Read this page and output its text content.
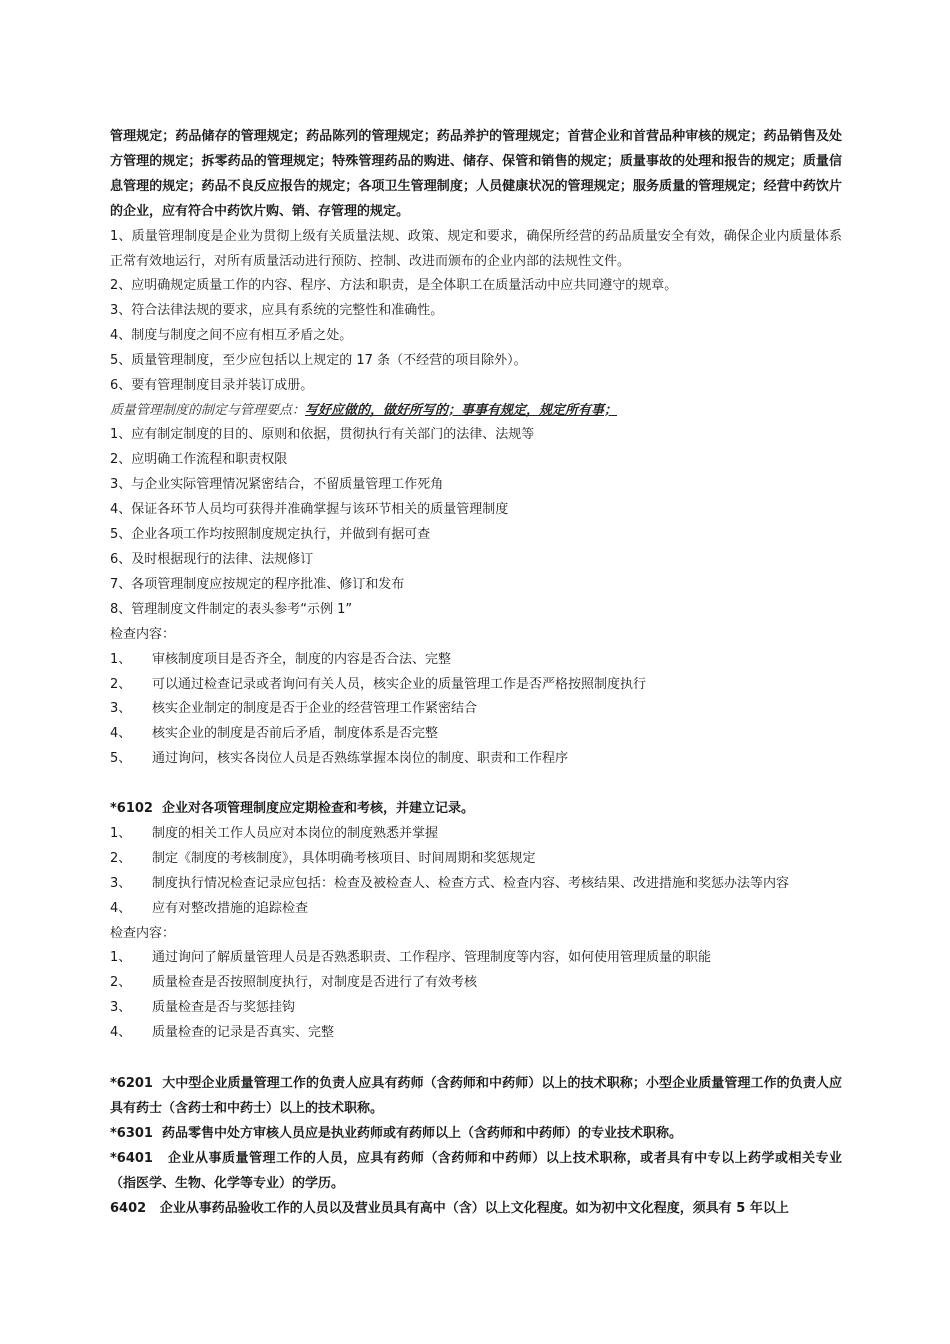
管理规定；药品储存的管理规定；药品陈列的管理规定；药品养护的管理规定；首营企业和首营品种审核的规定；药品销售及处方管理的规定；拆零药品的管理规定；特殊管理药品的购进、储存、保管和销售的规定；质量事故的处理和报告的规定；质量信息管理的规定；药品不良反应报告的规定；各项卫生管理制度；人员健康状况的管理规定；服务质量的管理规定；经营中药饮片的企业，应有符合中药饮片购、销、存管理的规定。

1、质量管理制度是企业为贯彻上级有关质量法规、政策、规定和要求，确保所经营的药品质量安全有效，确保企业内质量体系正常有效地运行，对所有质量活动进行预防、控制、改进而颁布的企业内部的法规性文件。

2、应明确规定质量工作的内容、程序、方法和职责，是全体职工在质量活动中应共同遵守的规章。

3、符合法律法规的要求，应具有系统的完整性和准确性。

4、制度与制度之间不应有相互矛盾之处。

5、质量管理制度，至少应包括以上规定的 17 条（不经营的项目除外）。

6、要有管理制度目录并装订成册。

质量管理制度的制定与管理要点：写好应做的，做好所写的；事事有规定，规定所有事；

1、应有制定制度的目的、原则和依据，贯彻执行有关部门的法律、法规等

2、应明确工作流程和职责权限

3、与企业实际管理情况紧密结合，不留质量管理工作死角

4、保证各环节人员均可获得并准确掌握与该环节相关的质量管理制度

5、企业各项工作均按照制度规定执行，并做到有据可查

6、及时根据现行的法律、法规修订

7、各项管理制度应按规定的程序批准、修订和发布

8、管理制度文件制定的表头参考“示例 1”

检查内容：

1、 审核制度项目是否齐全，制度的内容是否合法、完整

2、 可以通过检查记录或者询问有关人员，核实企业的质量管理工作是否严格按照制度执行

3、 核实企业制定的制度是否于企业的经营管理工作紧密结合

4、 核实企业的制度是否前后矛盾，制度体系是否完整

5、 通过询问，核实各岗位人员是否熟练掌握本岗位的制度、职责和工作程序

*6102 企业对各项管理制度应定期检查和考核，并建立记录。

1、 制度的相关工作人员应对本岗位的制度熟悉并掌握

2、 制定《制度的考核制度》，具体明确考核项目、时间周期和奖惩规定

3、 制度执行情况检查记录应包括：检查及被检查人、检查方式、检查内容、考核结果、改进措施和奖惩办法等内容

4、 应有对整改措施的追踪检查

检查内容：

1、 通过询问了解质量管理人员是否熟悉职责、工作程序、管理制度等内容，如何使用管理质量的职能

2、 质量检查是否按照制度执行，对制度是否进行了有效考核

3、 质量检查是否与奖惩挂钩

4、 质量检查的记录是否真实、完整

*6201 大中型企业质量管理工作的负责人应具有药师（含药师和中药师）以上的技术职称；小型企业质量管理工作的负责人应具有药士（含药士和中药士）以上的技术职称。

*6301 药品零售中处方审核人员应是执业药师或有药师以上（含药师和中药师）的专业技术职称。

*6401 企业从事质量管理工作的人员，应具有药师（含药师和中药师）以上技术职称，或者具有中专以上药学或相关专业（指医学、生物、化学等专业）的学历。

6402 企业从事药品验收工作的人员以及营业员具有高中（含）以上文化程度。如为初中文化程度，须具有 5 年以上
